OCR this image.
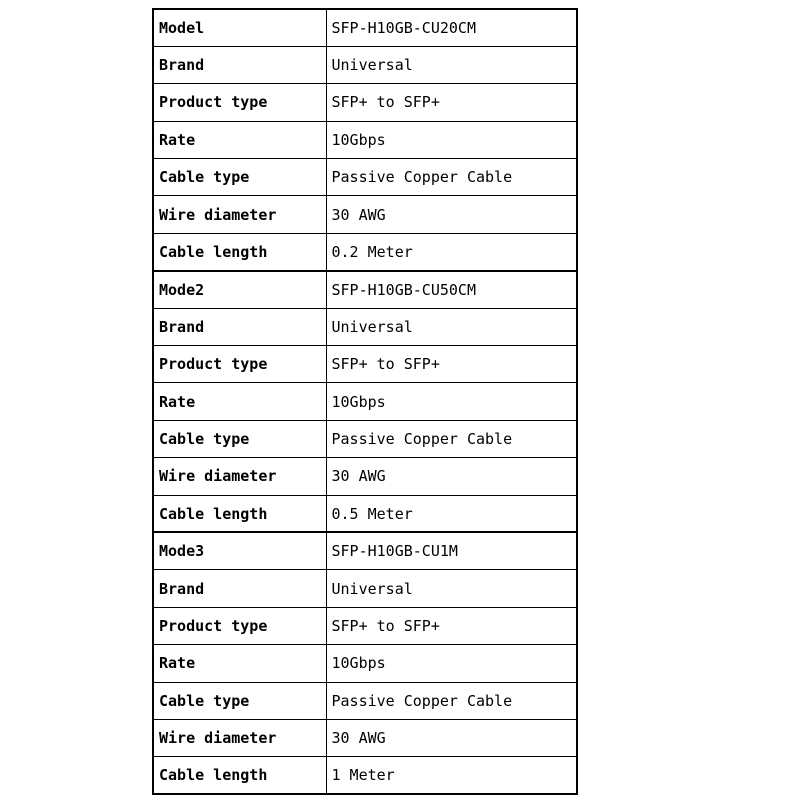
Model	SFP-H10GB-CU20CM
Brand	Universal
Product type	SFP+ to SFP+
Rate	10Gbps
Cable type	Passive Copper Cable
Wire diameter	30 AWG
Cable length	0.2 Meter
Mode2	SFP-H10GB-CU50CM
Brand	Universal
Product type	SFP+ to SFP+
Rate	10Gbps
Cable type	Passive Copper Cable
Wire diameter	30 AWG
Cable length	0.5 Meter
Mode3	SFP-H10GB-CU1M
Brand	Universal
Product type	SFP+ to SFP+
Rate	10Gbps
Cable type	Passive Copper Cable
Wire diameter	30 AWG
Cable length	1 Meter
